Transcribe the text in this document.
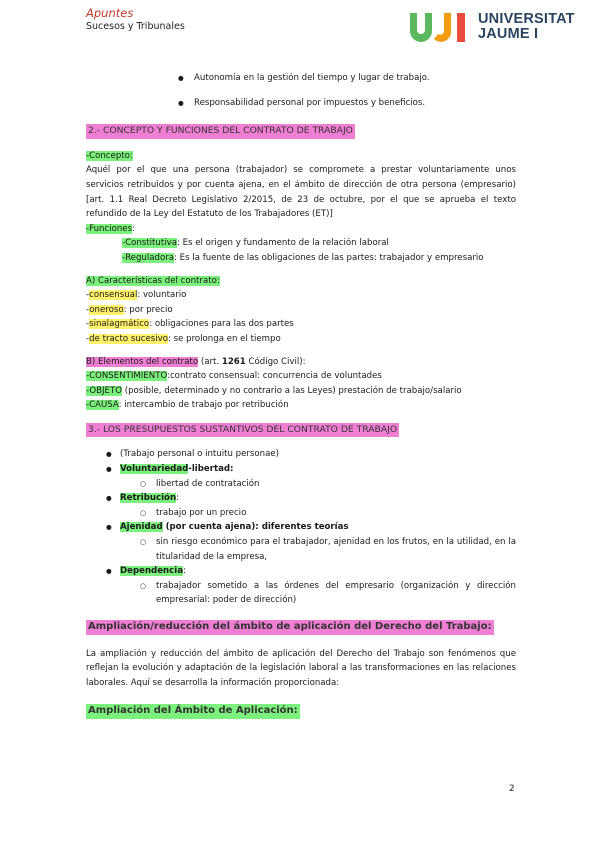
Apuntes
Sucesos y Tribunales	UNIVERSITAT
JAUME I
● Autonomía en la gestión del tiempo y lugar de trabajo.
● Responsabilidad personal por impuestos y beneficios.
2.- CONCEPTO Y FUNCIONES DEL CONTRATO DE TRABAJO
-Concepto:
Aquél por el que una persona (trabajador) se compromete a prestar voluntariamente unos servicios retribuidos y por cuenta ajena, en el ámbito de dirección de otra persona (empresario) [art. 1.1 Real Decreto Legislativo 2/2015, de 23 de octubre, por el que se aprueba el texto refundido de la Ley del Estatuto de los Trabajadores (ET)]
-Funciones:
-Constitutiva: Es el origen y fundamento de la relación laboral
-Reguladora: Es la fuente de las obligaciones de las partes: trabajador y empresario
A) Características del contrato:
-consensual: voluntario
-oneroso: por precio
-sinalagmático: obligaciones para las dos partes
-de tracto sucesivo: se prolonga en el tiempo
B) Elementos del contrato (art. 1261 Código Civil):
-CONSENTIMIENTO:contrato consensual: concurrencia de voluntades
-OBJETO (posible, determinado y no contrario a las Leyes) prestación de trabajo/salario
-CAUSA: intercambio de trabajo por retribución
3.- LOS PRESUPUESTOS SUSTANTIVOS DEL CONTRATO DE TRABAJO
● (Trabajo personal o intuitu personae)
● Voluntariedad-libertad:
○ libertad de contratación
● Retribución:
○ trabajo por un precio
● Ajenidad (por cuenta ajena): diferentes teorías
○ sin riesgo económico para el trabajador, ajenidad en los frutos, en la utilidad, en la titularidad de la empresa,
● Dependencia:
○ trabajador sometido a las órdenes del empresario (organización y dirección empresarial: poder de dirección)
Ampliación/reducción del ámbito de aplicación del Derecho del Trabajo:
La ampliación y reducción del ámbito de aplicación del Derecho del Trabajo son fenómenos que reflejan la evolución y adaptación de la legislación laboral a las transformaciones en las relaciones laborales. Aquí se desarrolla la información proporcionada:
Ampliación del Ámbito de Aplicación:
2
